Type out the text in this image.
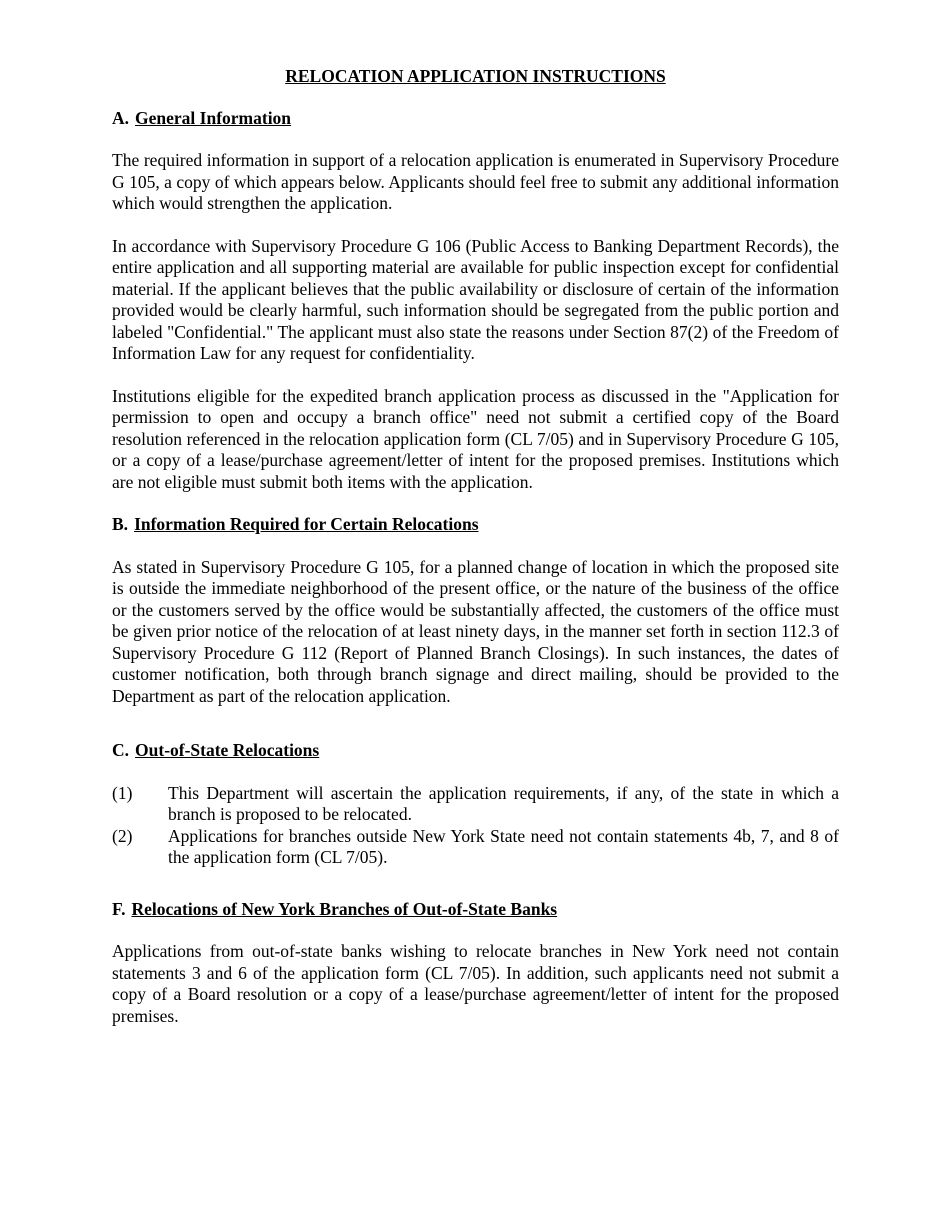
RELOCATION APPLICATION INSTRUCTIONS
A. General Information

The required information in support of a relocation application is enumerated in Supervisory Procedure G 105, a copy of which appears below. Applicants should feel free to submit any additional information which would strengthen the application.

In accordance with Supervisory Procedure G 106 (Public Access to Banking Department Records), the entire application and all supporting material are available for public inspection except for confidential material. If the applicant believes that the public availability or disclosure of certain of the information provided would be clearly harmful, such information should be segregated from the public portion and labeled "Confidential." The applicant must also state the reasons under Section 87(2) of the Freedom of Information Law for any request for confidentiality.

Institutions eligible for the expedited branch application process as discussed in the "Application for permission to open and occupy a branch office" need not submit a certified copy of the Board resolution referenced in the relocation application form (CL 7/05) and in Supervisory Procedure G 105, or a copy of a lease/purchase agreement/letter of intent for the proposed premises. Institutions which are not eligible must submit both items with the application.

B. Information Required for Certain Relocations

As stated in Supervisory Procedure G 105, for a planned change of location in which the proposed site is outside the immediate neighborhood of the present office, or the nature of the business of the office or the customers served by the office would be substantially affected, the customers of the office must be given prior notice of the relocation of at least ninety days, in the manner set forth in section 112.3 of Supervisory Procedure G 112 (Report of Planned Branch Closings). In such instances, the dates of customer notification, both through branch signage and direct mailing, should be provided to the Department as part of the relocation application.

C. Out-of-State Relocations
(1)	This Department will ascertain the application requirements, if any, of the state in which a branch is proposed to be relocated.
(2)	Applications for branches outside New York State need not contain statements 4b, 7, and 8 of the application form (CL 7/05).
F. Relocations of New York Branches of Out-of-State Banks

Applications from out-of-state banks wishing to relocate branches in New York need not contain statements 3 and 6 of the application form (CL 7/05). In addition, such applicants need not submit a copy of a Board resolution or a copy of a lease/purchase agreement/letter of intent for the proposed premises.
